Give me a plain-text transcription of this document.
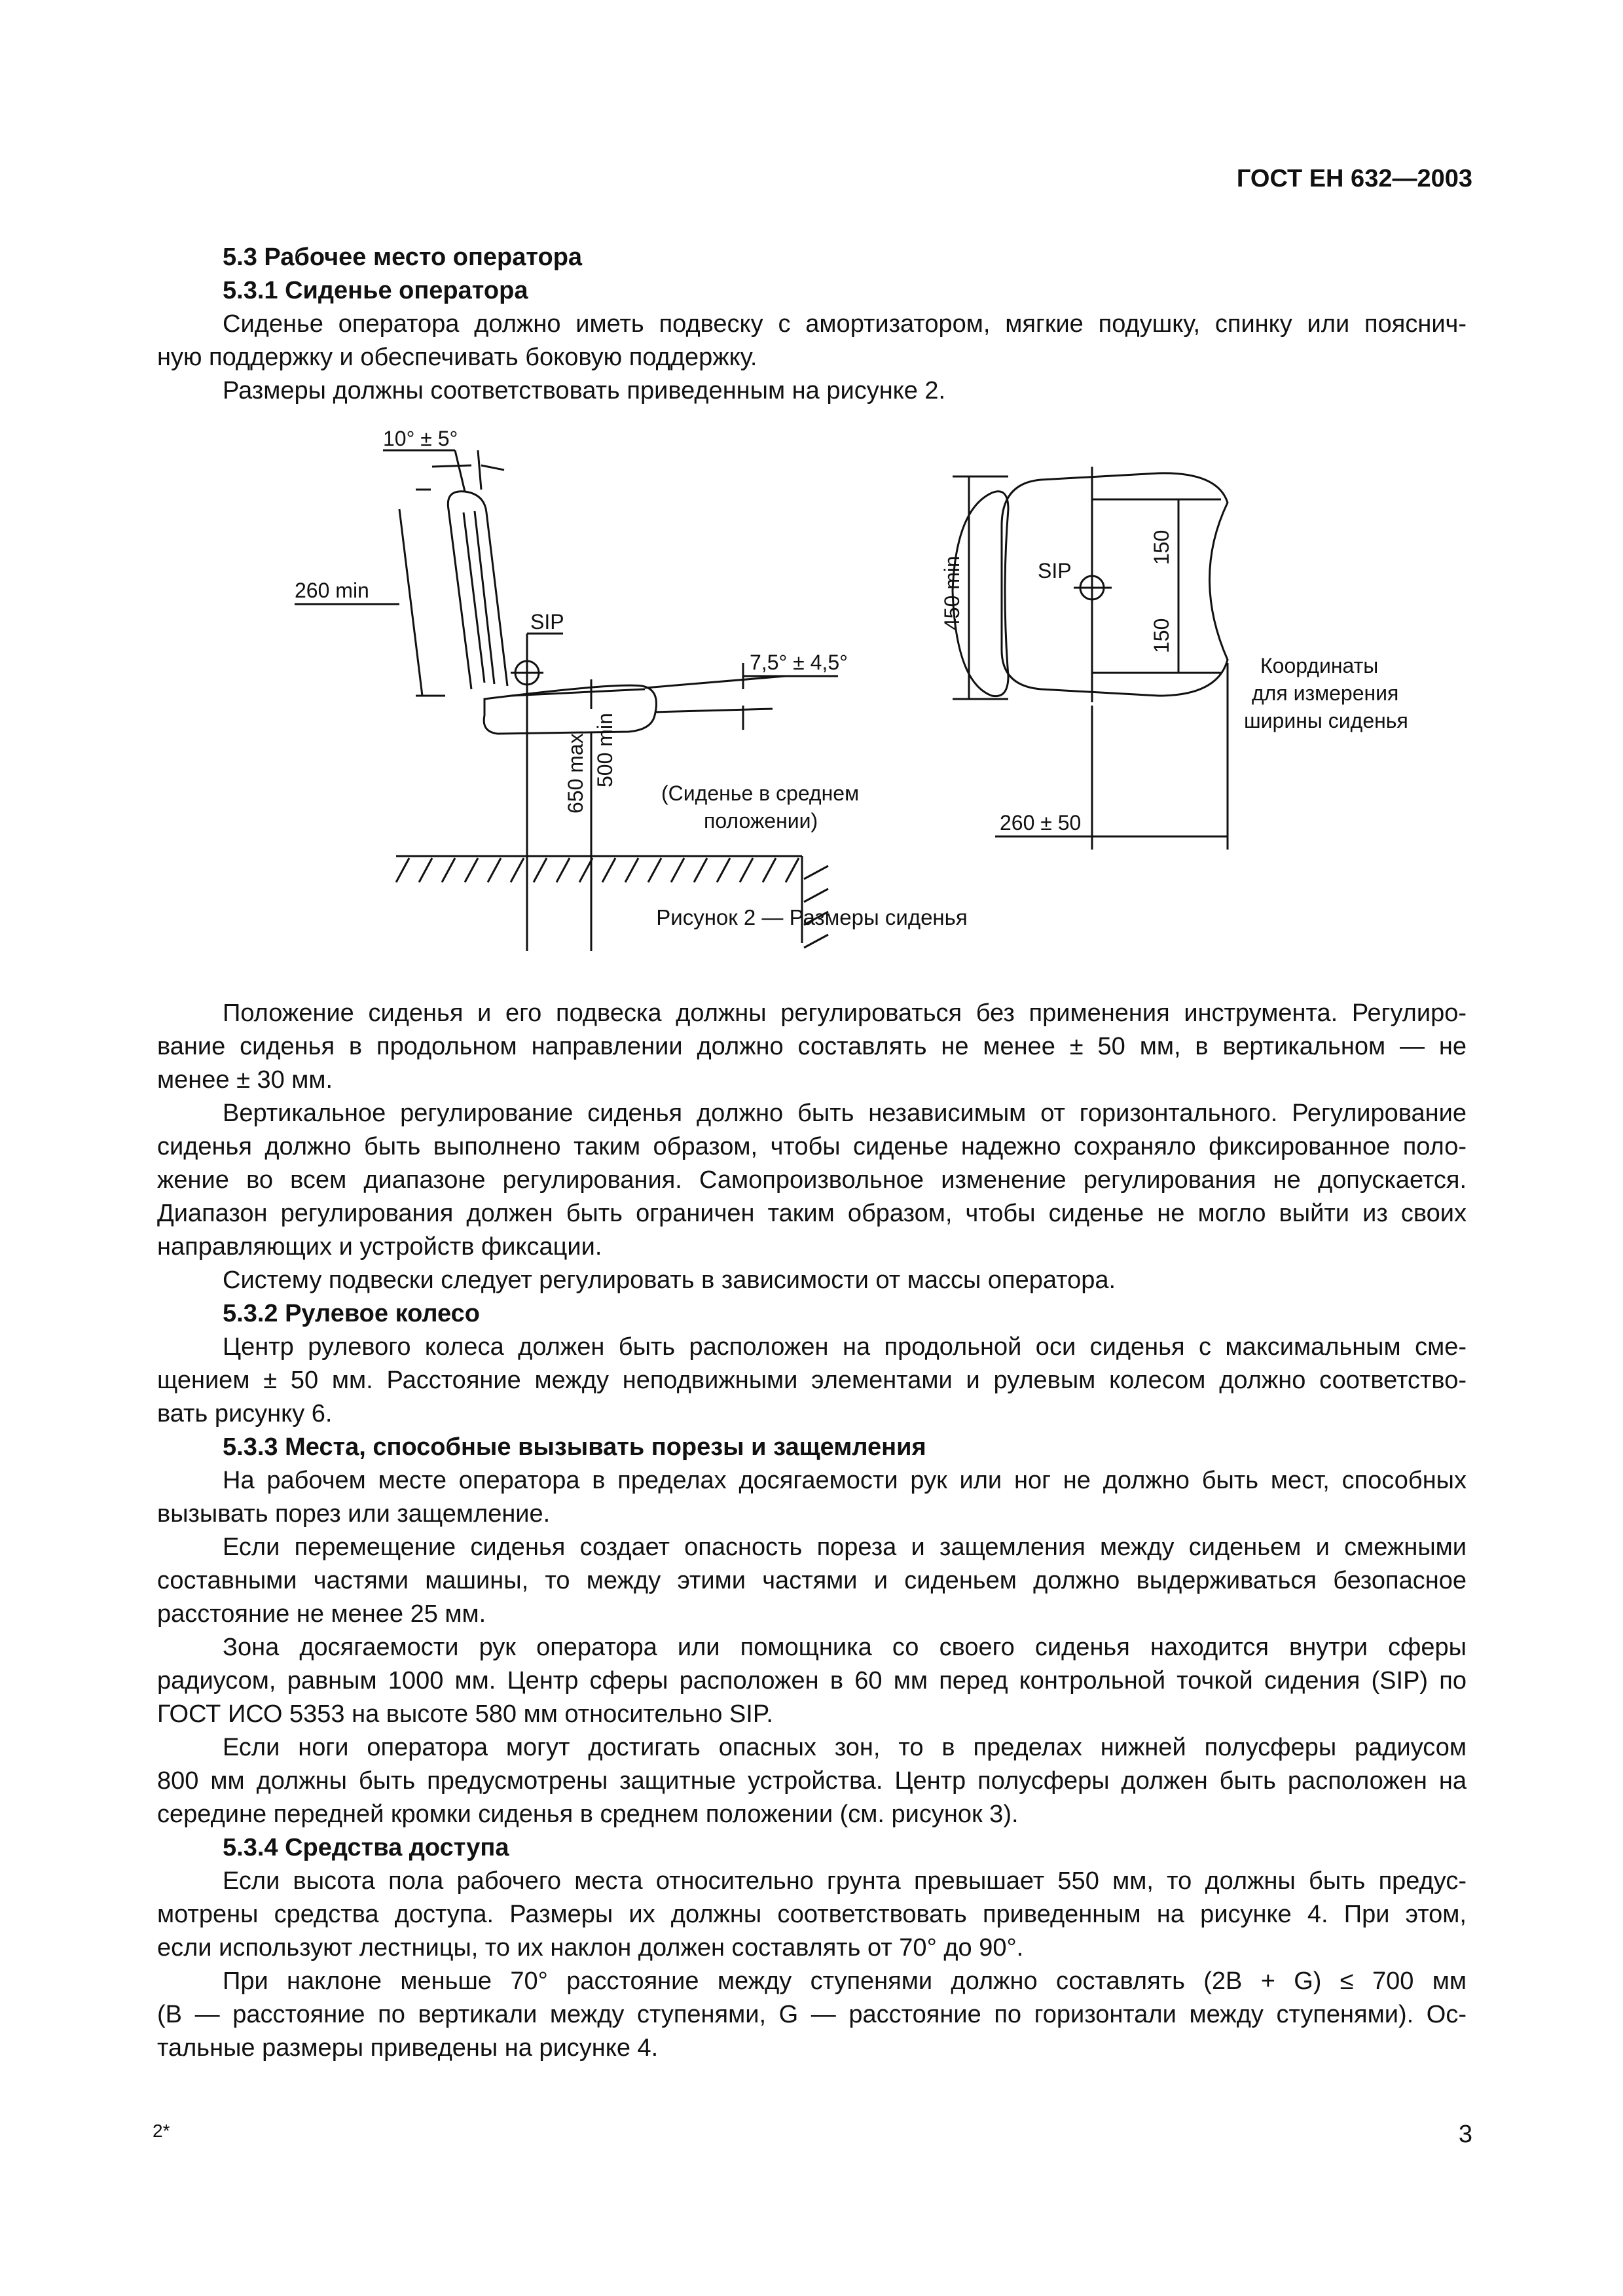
ГОСТ ЕН 632—2003
5.3 Рабочее место оператора
5.3.1 Сиденье оператора
Сиденье оператора должно иметь подвеску с амортизатором, мягкие подушку, спинку или пояснич-
ную поддержку и обеспечивать боковую поддержку.
Размеры должны соответствовать приведенным на рисунке 2.
SIP
10° ± 5°
260 min
7,5° ± 4,5°
650 max 500 min
(Сиденье в среднем
положении)
SIP
450 min
150
150
Координаты
для измерения
ширины сиденья
260 ± 50
Рисунок 2 — Размеры сиденья
Положение сиденья и его подвеска должны регулироваться без применения инструмента. Регулиро-
вание сиденья в продольном направлении должно составлять не менее ± 50 мм, в вертикальном — не
менее ± 30 мм.
Вертикальное регулирование сиденья должно быть независимым от горизонтального. Регулирование
сиденья должно быть выполнено таким образом, чтобы сиденье надежно сохраняло фиксированное поло-
жение во всем диапазоне регулирования. Самопроизвольное изменение регулирования не допускается.
Диапазон регулирования должен быть ограничен таким образом, чтобы сиденье не могло выйти из своих
направляющих и устройств фиксации.
Систему подвески следует регулировать в зависимости от массы оператора.
5.3.2 Рулевое колесо
Центр рулевого колеса должен быть расположен на продольной оси сиденья с максимальным сме-
щением ± 50 мм. Расстояние между неподвижными элементами и рулевым колесом должно соответство-
вать рисунку 6.
5.3.3 Места, способные вызывать порезы и защемления
На рабочем месте оператора в пределах досягаемости рук или ног не должно быть мест, способных
вызывать порез или защемление.
Если перемещение сиденья создает опасность пореза и защемления между сиденьем и смежными
составными частями машины, то между этими частями и сиденьем должно выдерживаться безопасное
расстояние не менее 25 мм.
Зона досягаемости рук оператора или помощника со своего сиденья находится внутри сферы
радиусом, равным 1000 мм. Центр сферы расположен в 60 мм перед контрольной точкой сидения (SIP) по
ГОСТ ИСО 5353 на высоте 580 мм относительно SIP.
Если ноги оператора могут достигать опасных зон, то в пределах нижней полусферы радиусом
800 мм должны быть предусмотрены защитные устройства. Центр полусферы должен быть расположен на
середине передней кромки сиденья в среднем положении (см. рисунок 3).
5.3.4 Средства доступа
Если высота пола рабочего места относительно грунта превышает 550 мм, то должны быть предус-
мотрены средства доступа. Размеры их должны соответствовать приведенным на рисунке 4. При этом,
если используют лестницы, то их наклон должен составлять от 70° до 90°.
При наклоне меньше 70° расстояние между ступенями должно составлять (2B + G) ≤ 700 мм
(B — расстояние по вертикали между ступенями, G — расстояние по горизонтали между ступенями). Ос-
тальные размеры приведены на рисунке 4.
2*	3
